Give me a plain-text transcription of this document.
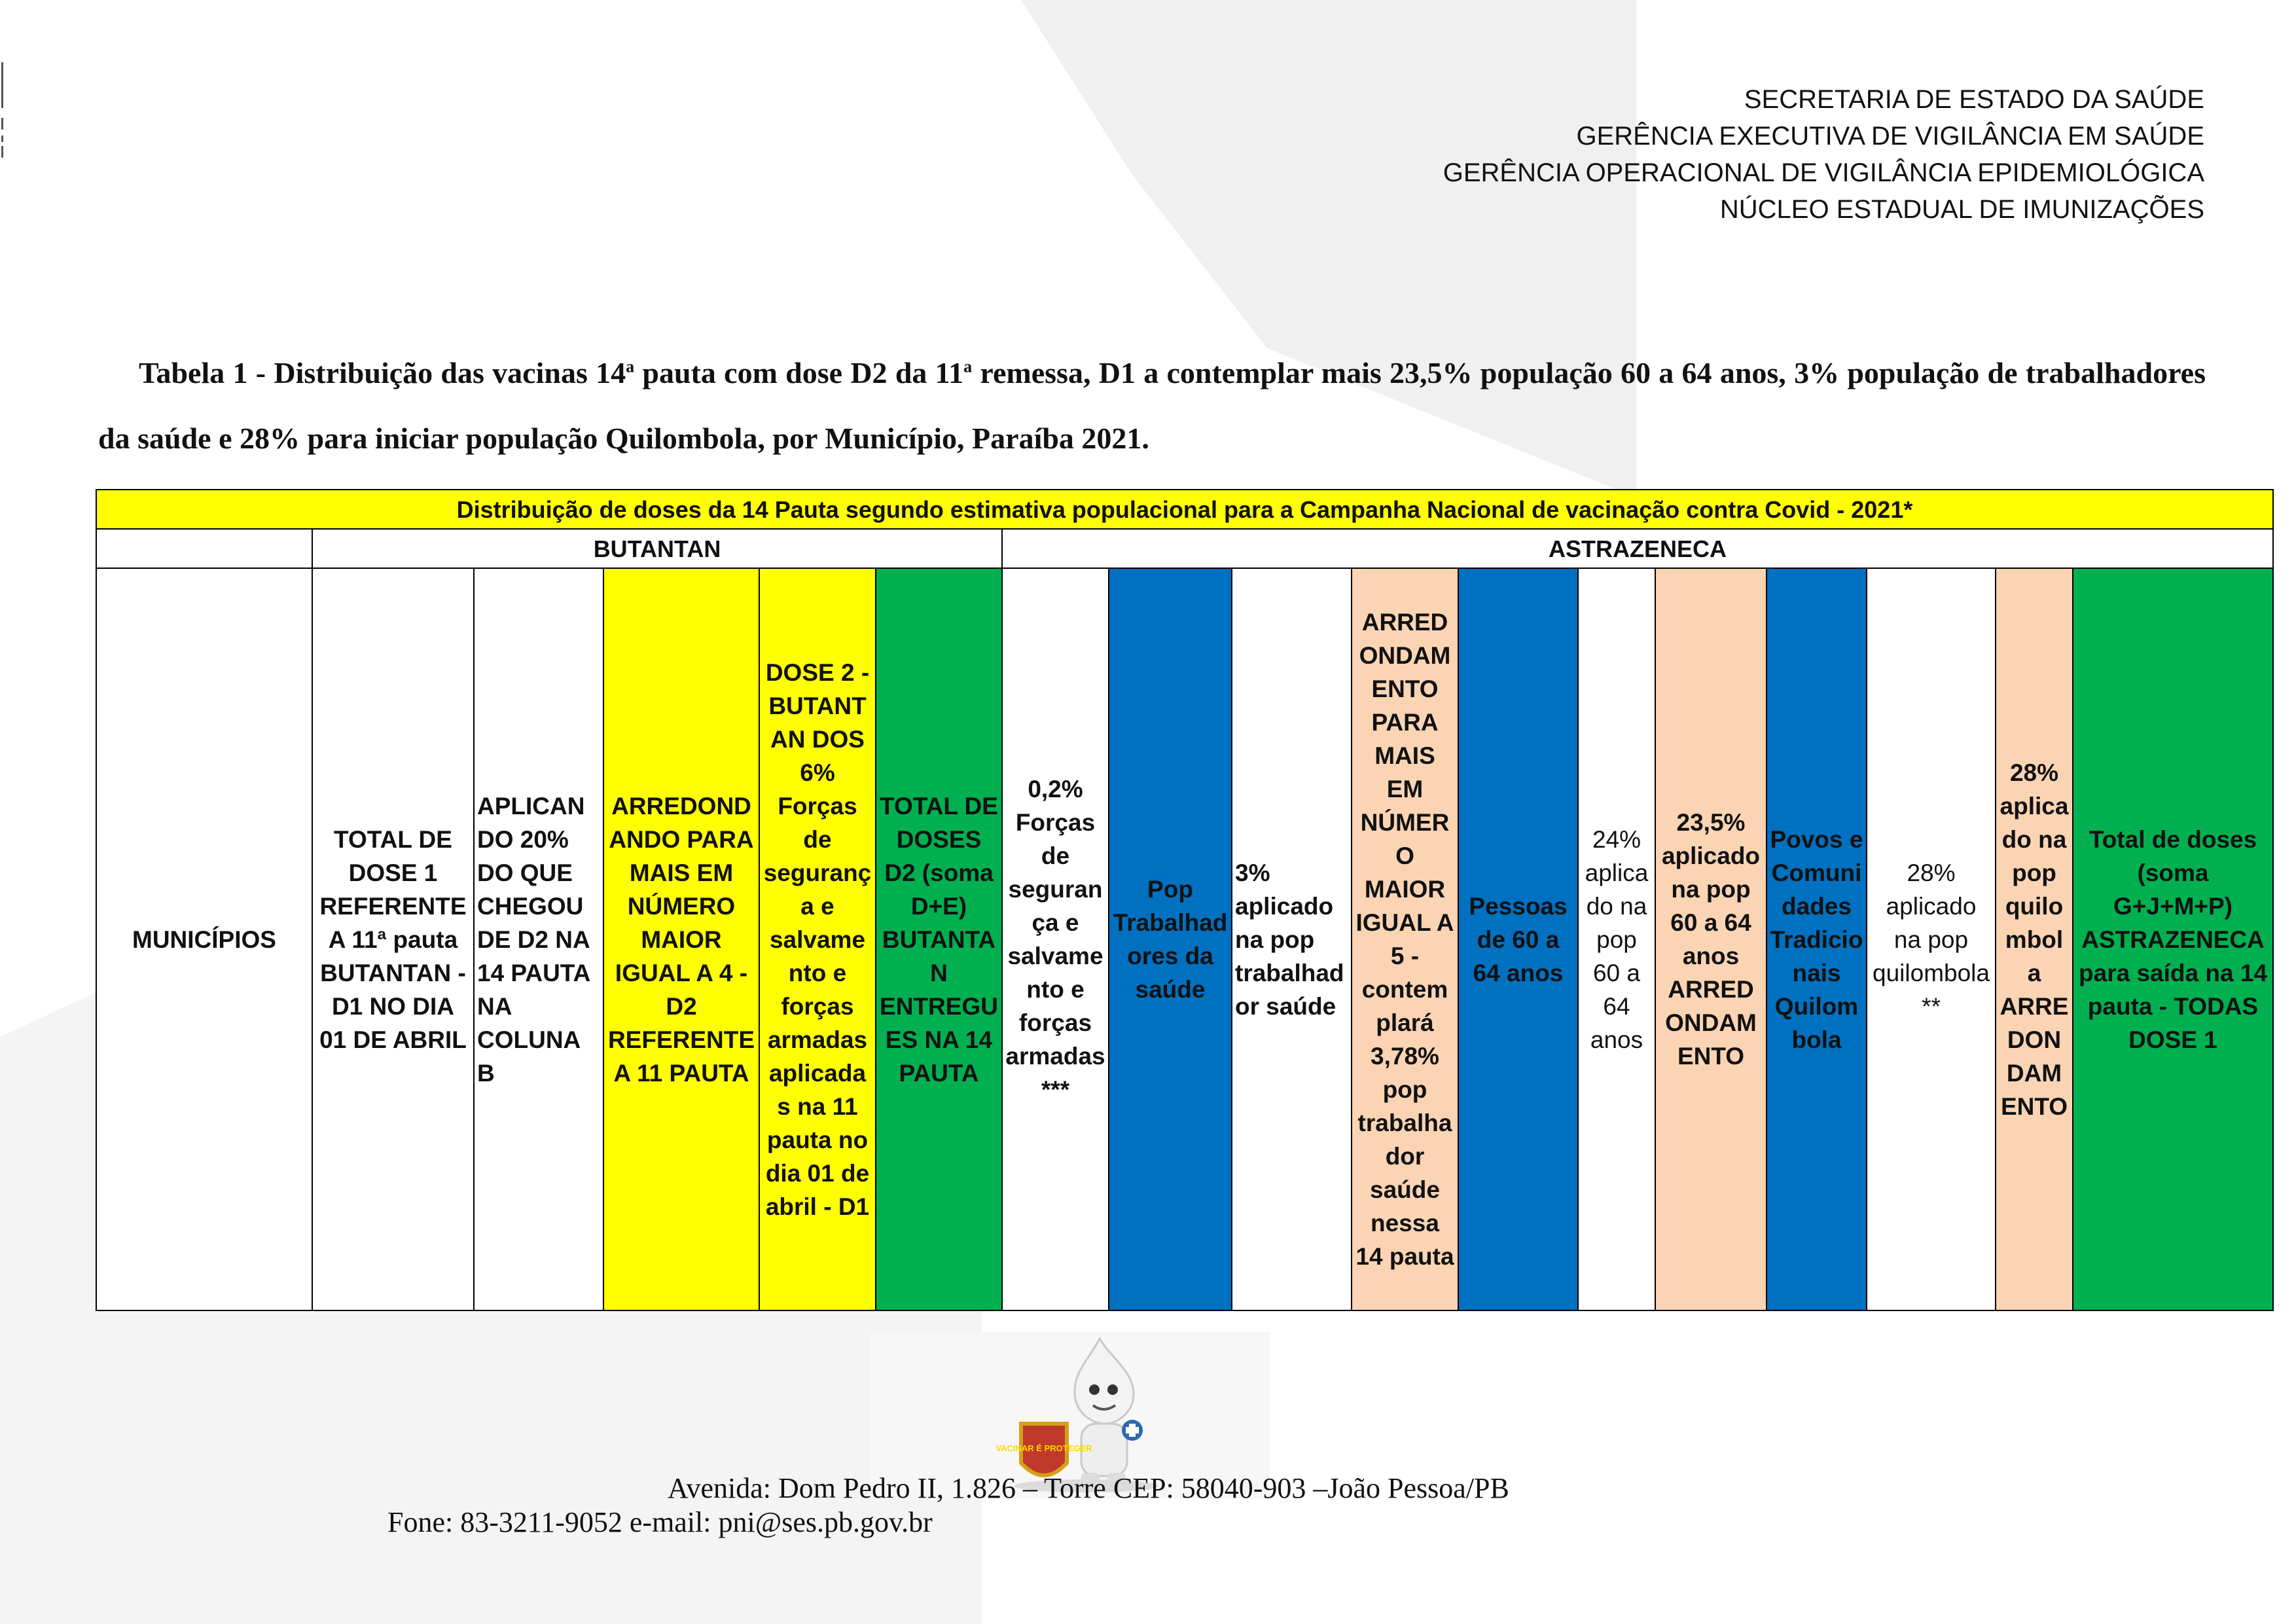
SECRETARIA DE ESTADO DA SAÚDE
GERÊNCIA EXECUTIVA DE VIGILÂNCIA EM SAÚDE
GERÊNCIA OPERACIONAL DE VIGILÂNCIA EPIDEMIOLÓGICA
NÚCLEO ESTADUAL DE IMUNIZAÇÕES
Tabela 1 - Distribuição das vacinas 14$^a$ pauta com dose D2 da 11$^a$ remessa, D1 a contemplar mais 23,5% população 60 a 64 anos, 3% população de trabalhadores da saúde e 28% para iniciar população Quilombola, por Município, Paraíba 2021.
Distribuição de doses da 14 Pauta segundo estimativa populacional para a Campanha Nacional de vacinação contra Covid - 2021*																
	BUTANTAN					ASTRAZENECA										
MUNICÍPIOS	TOTAL DE DOSE 1 REFERENTE A 11ª pauta BUTANTAN - D1 NO DIA 01 DE ABRIL	APLICANDO 20% DO QUE CHEGOU DE D2 NA 14 PAUTA NA COLUNA B	ARREDONDANDO PARA MAIS EM NÚMERO MAIOR IGUAL A 4 - D2 REFERENTE A 11 PAUTA	DOSE 2 - BUTANTAN DOS 6% Forças de segurança e salvamento e forças armadas aplicadas na 11 pauta no dia 01 de abril - D1	TOTAL DE DOSES D2 (soma D+E) BUTANTAN ENTREGUES NA 14 PAUTA	0,2% Forças de segurança e salvamento e forças armadas ***	Pop Trabalhadores da saúde	3% aplicado na pop trabalhador saúde	ARREDONDAMENTO PARA MAIS EM NÚMERO MAIOR IGUAL A 5 - contemplará 3,78% pop trabalhador saúde nessa 14 pauta	Pessoas de 60 a 64 anos	24% aplicado na pop 60 a 64 anos	23,5% aplicado na pop 60 a 64 anos ARREDONDAMENTO	Povos e Comunidades Tradicionais Quilombola	28% aplicado na pop quilombola **	28% aplicado na pop quilombola ARREDONDAMENTO	Total de doses (soma G+J+M+P) ASTRAZENECA para saída na 14 pauta - TODAS DOSE 1
VACINAR É PROTEGER
Avenida: Dom Pedro II, 1.826 – Torre CEP: 58040-903 –João Pessoa/PB
Fone: 83-3211-9052 e-mail: pni@ses.pb.gov.br
